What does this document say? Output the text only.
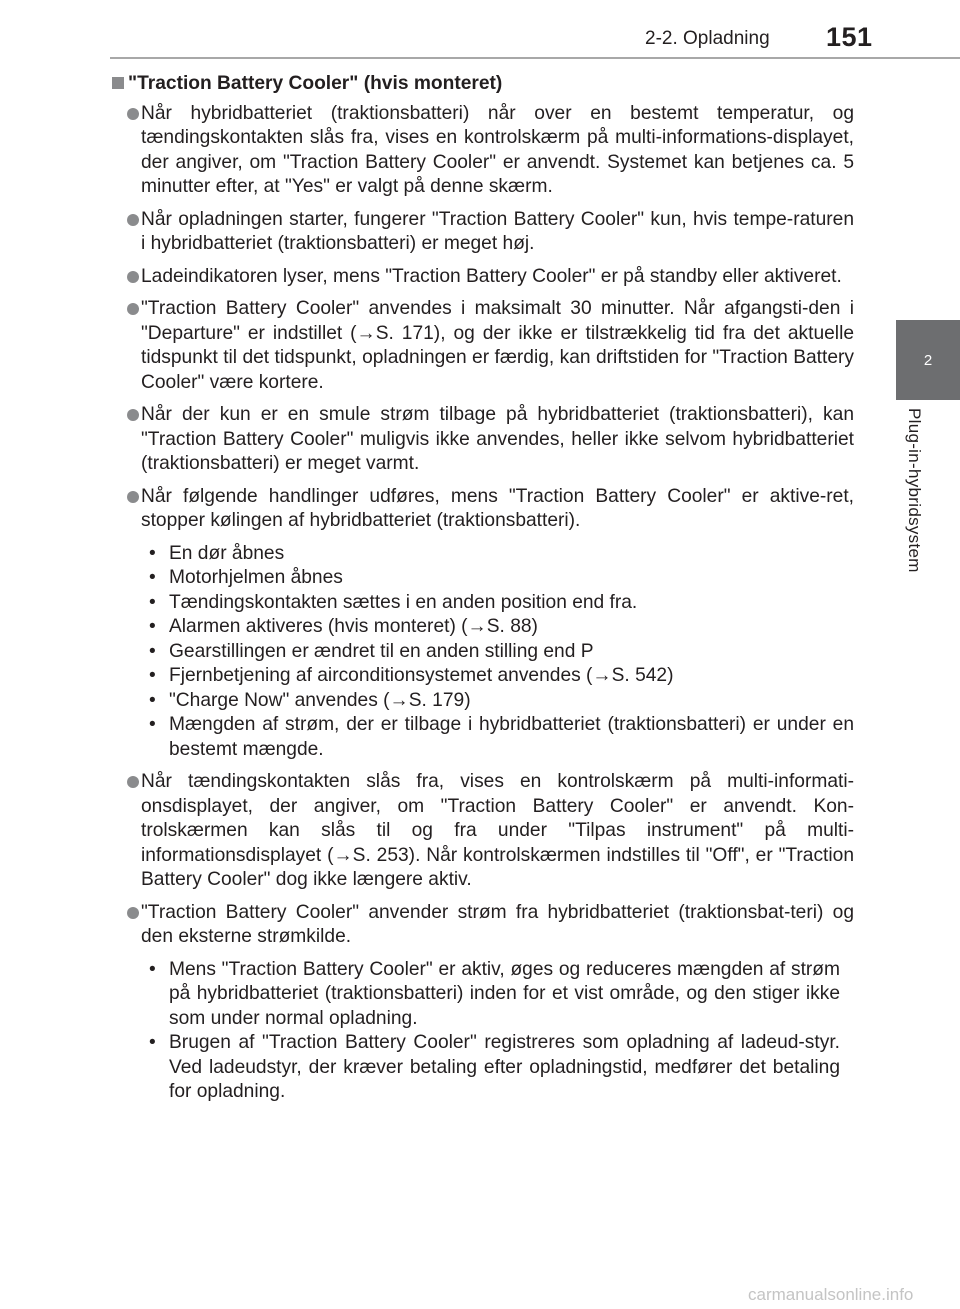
2-2. Opladning 151
2
Plug-in-hybridsystem
"Traction Battery Cooler" (hvis monteret)
Når hybridbatteriet (traktionsbatteri) når over en bestemt temperatur, og tændingskontakten slås fra, vises en kontrolskærm på multi-informations-displayet, der angiver, om "Traction Battery Cooler" er anvendt. Systemet kan betjenes ca. 5 minutter efter, at "Yes" er valgt på denne skærm.
Når opladningen starter, fungerer "Traction Battery Cooler" kun, hvis tempe-raturen i hybridbatteriet (traktionsbatteri) er meget høj.
Ladeindikatoren lyser, mens "Traction Battery Cooler" er på standby eller aktiveret.
"Traction Battery Cooler" anvendes i maksimalt 30 minutter. Når afgangsti-den i "Departure" er indstillet (→S. 171), og der ikke er tilstrækkelig tid fra det aktuelle tidspunkt til det tidspunkt, opladningen er færdig, kan driftstiden for "Traction Battery Cooler" være kortere.
Når der kun er en smule strøm tilbage på hybridbatteriet (traktionsbatteri), kan "Traction Battery Cooler" muligvis ikke anvendes, heller ikke selvom hybridbatteriet (traktionsbatteri) er meget varmt.
Når følgende handlinger udføres, mens "Traction Battery Cooler" er aktive-ret, stopper kølingen af hybridbatteriet (traktionsbatteri).
• En dør åbnes
• Motorhjelmen åbnes
• Tændingskontakten sættes i en anden position end fra.
• Alarmen aktiveres (hvis monteret) (→S. 88)
• Gearstillingen er ændret til en anden stilling end P
• Fjernbetjening af airconditionsystemet anvendes (→S. 542)
• "Charge Now" anvendes (→S. 179)
• Mængden af strøm, der er tilbage i hybridbatteriet (traktionsbatteri) er under en bestemt mængde.
Når tændingskontakten slås fra, vises en kontrolskærm på multi-informati-onsdisplayet, der angiver, om "Traction Battery Cooler" er anvendt. Kon-trolskærmen kan slås til og fra under "Tilpas instrument" på multi-informationsdisplayet (→S. 253). Når kontrolskærmen indstilles til "Off", er "Traction Battery Cooler" dog ikke længere aktiv.
"Traction Battery Cooler" anvender strøm fra hybridbatteriet (traktionsbat-teri) og den eksterne strømkilde.
• Mens "Traction Battery Cooler" er aktiv, øges og reduceres mængden af strøm på hybridbatteriet (traktionsbatteri) inden for et vist område, og den stiger ikke som under normal opladning.
• Brugen af "Traction Battery Cooler" registreres som opladning af ladeud-styr. Ved ladeudstyr, der kræver betaling efter opladningstid, medfører det betaling for opladning.
carmanualsonline.info
